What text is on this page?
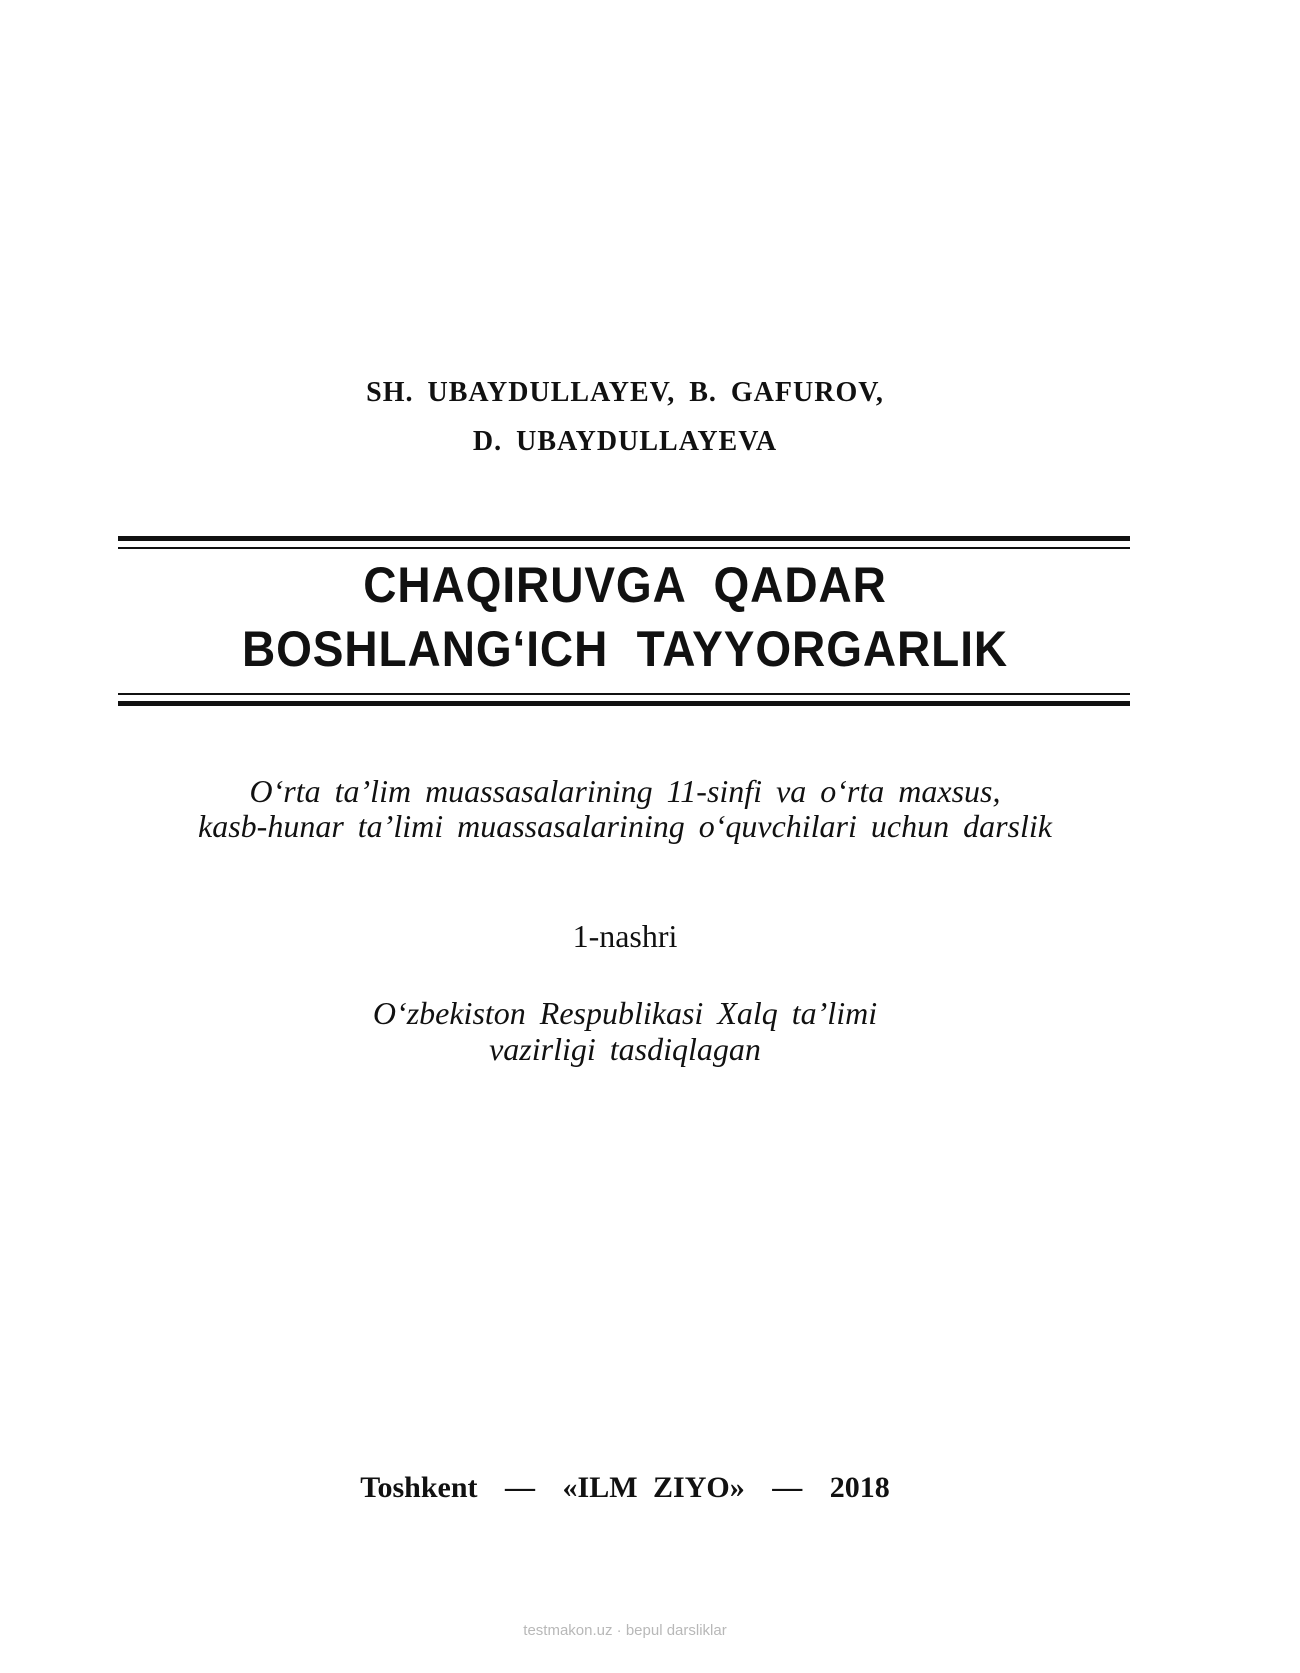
SH. UBAYDULLAYEV, B. GAFUROV,
D. UBAYDULLAYEVA
CHAQIRUVGA QADAR
BOSHLANG‘ICH TAYYORGARLIK
O‘rta ta’lim muassasalarining 11-sinfi va o‘rta maxsus,
kasb-hunar ta’limi muassasalarining o‘quvchilari uchun darslik
1-nashri
O‘zbekiston Respublikasi Xalq ta’limi
vazirligi tasdiqlagan
Toshkent — «ILM ZIYO» — 2018
testmakon.uz · bepul darsliklar
